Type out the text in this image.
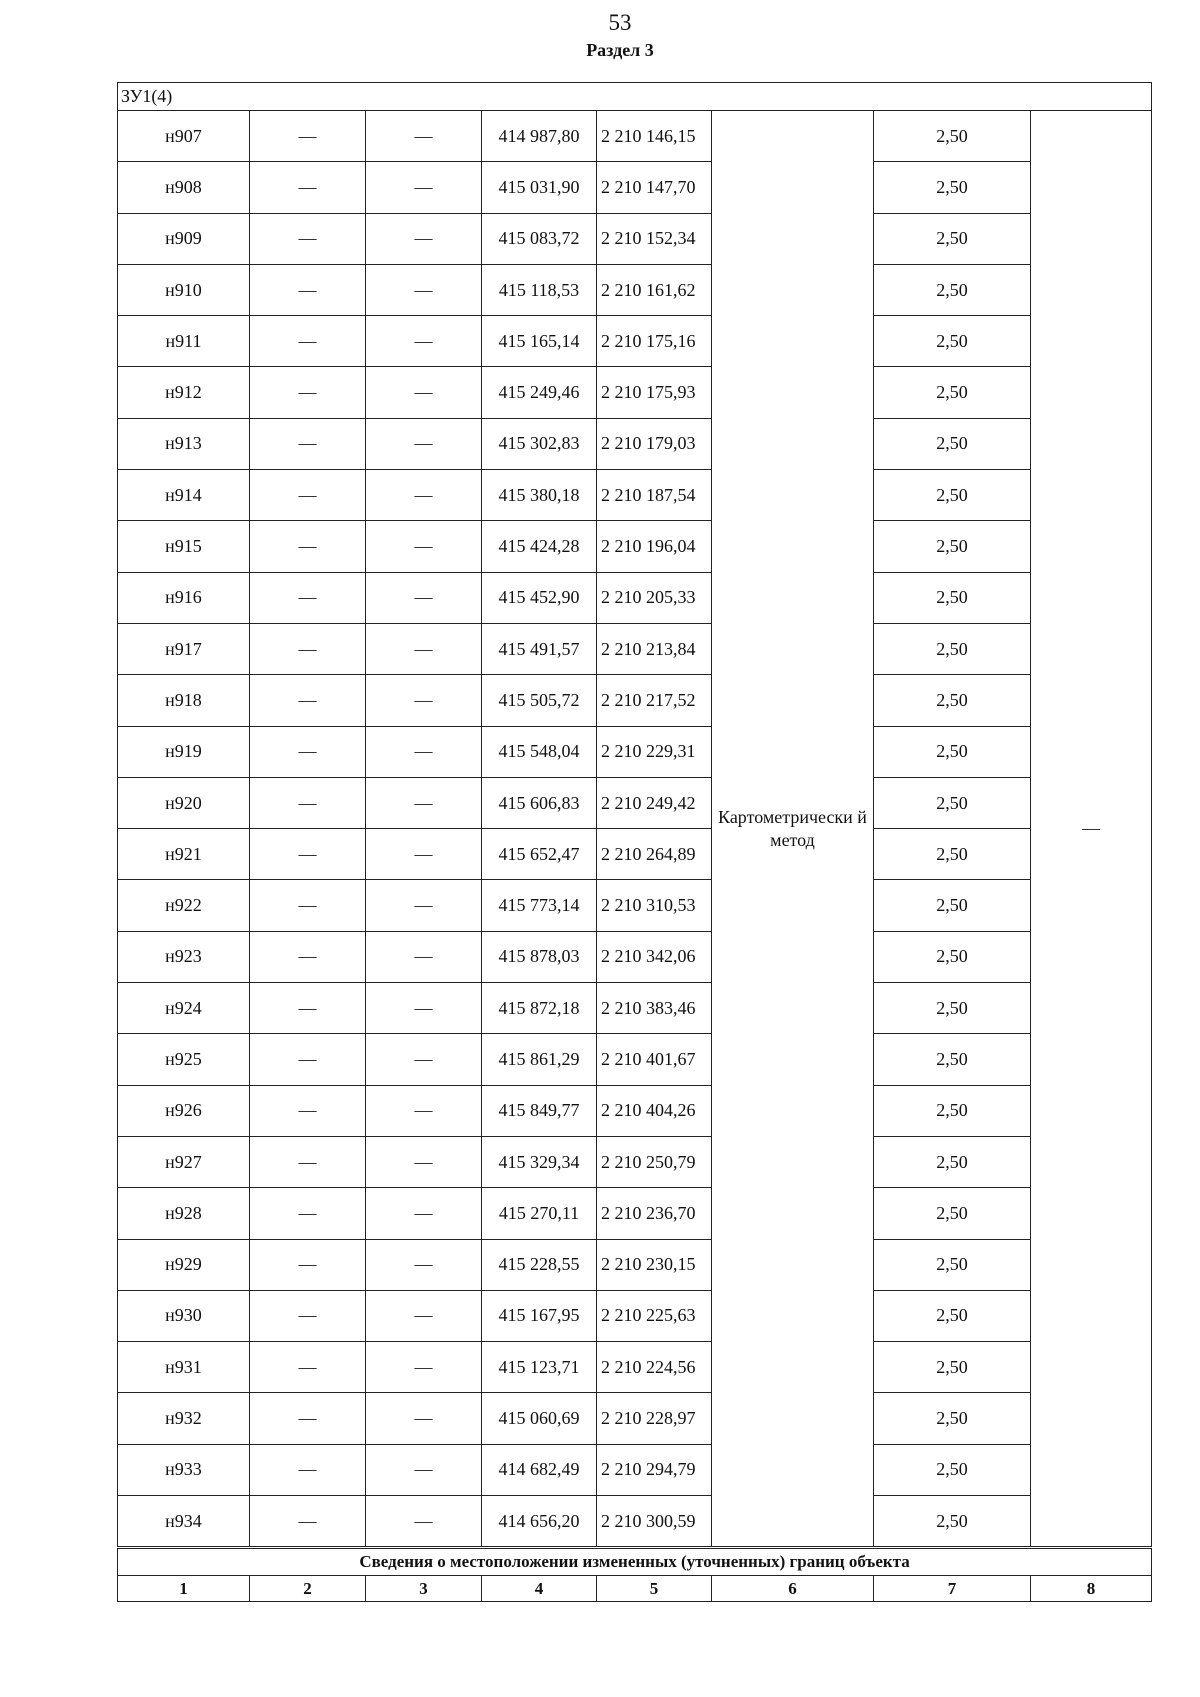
53
Раздел 3
ЗУ1(4)							
н907	—	—	414 987,80	2 210 146,15	Картометрически й метод	2,50	—
н908	—	—	415 031,90	2 210 147,70		2,50	
н909	—	—	415 083,72	2 210 152,34		2,50	
н910	—	—	415 118,53	2 210 161,62		2,50	
н911	—	—	415 165,14	2 210 175,16		2,50	
н912	—	—	415 249,46	2 210 175,93		2,50	
н913	—	—	415 302,83	2 210 179,03		2,50	
н914	—	—	415 380,18	2 210 187,54		2,50	
н915	—	—	415 424,28	2 210 196,04		2,50	
н916	—	—	415 452,90	2 210 205,33		2,50	
н917	—	—	415 491,57	2 210 213,84		2,50	
н918	—	—	415 505,72	2 210 217,52		2,50	
н919	—	—	415 548,04	2 210 229,31		2,50	
н920	—	—	415 606,83	2 210 249,42		2,50	
н921	—	—	415 652,47	2 210 264,89		2,50	
н922	—	—	415 773,14	2 210 310,53		2,50	
н923	—	—	415 878,03	2 210 342,06		2,50	
н924	—	—	415 872,18	2 210 383,46		2,50	
н925	—	—	415 861,29	2 210 401,67		2,50	
н926	—	—	415 849,77	2 210 404,26		2,50	
н927	—	—	415 329,34	2 210 250,79		2,50	
н928	—	—	415 270,11	2 210 236,70		2,50	
н929	—	—	415 228,55	2 210 230,15		2,50	
н930	—	—	415 167,95	2 210 225,63		2,50	
н931	—	—	415 123,71	2 210 224,56		2,50	
н932	—	—	415 060,69	2 210 228,97		2,50	
н933	—	—	414 682,49	2 210 294,79		2,50	
н934	—	—	414 656,20	2 210 300,59		2,50	
Сведения о местоположении измененных (уточненных) границ объекта							
1	2	3	4	5	6	7	8
